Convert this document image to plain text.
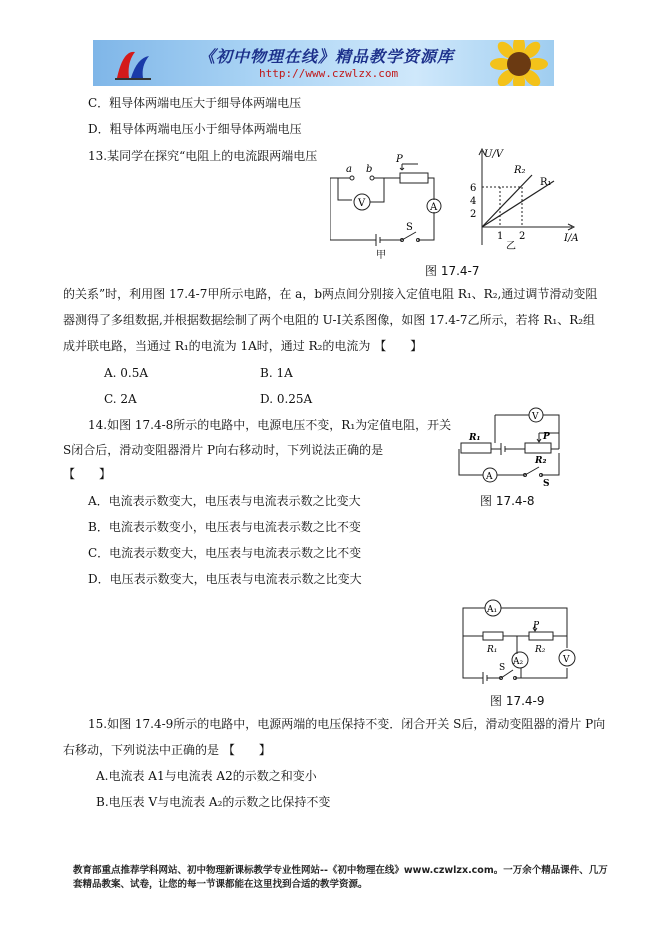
《初中物理在线》精品教学资源库
http://www.czwlzx.com
C．粗导体两端电压大于细导体两端电压
D．粗导体两端电压小于细导体两端电压
13.某同学在探究“电阻上的电流跟两端电压
a b
P
V	A
S
甲
U/V
I/A
R₂
R₁
6
4
2
1 2
乙
图 17.4-7
的关系”时，利用图 17.4-7甲所示电路，在 a，b两点间分别接入定值电阻 R₁、R₂,通过调节滑动变阻
器测得了多组数据,并根据数据绘制了两个电阻的 U-I关系图像，如图 17.4-7乙所示，若将 R₁、R₂组
成并联电路，当通过 R₁的电流为 1A时，通过 R₂的电流为 【　　】
A. 0.5A	B. 1A
C. 2A	D. 0.25A
14.如图 17.4-8所示的电路中，电源电压不变，R₁为定值电阻，开关
S闭合后，滑动变阻器滑片 P向右移动时，下列说法正确的是
【　　】
V
R₁	P
R₂
A
S
图 17.4-8
A．电流表示数变大，电压表与电流表示数之比变大
B．电流表示数变小，电压表与电流表示数之比不变
C．电流表示数变大，电压表与电流表示数之比不变
D．电压表示数变大，电压表与电流表示数之比变大
A₁
P
R₁	R₂
A₂	V
S
图 17.4-9
15.如图 17.4-9所示的电路中，电源两端的电压保持不变．闭合开关 S后，滑动变阻器的滑片 P向
右移动，下列说法中正确的是 【　　】
A.电流表 A1与电流表 A2的示数之和变小
B.电压表 V与电流表 A₂的示数之比保持不变
教育部重点推荐学科网站、初中物理新课标教学专业性网站--《初中物理在线》www.czwlzx.com。一万余个精品课件、几万套精品教案、试卷，让您的每一节课都能在这里找到合适的教学资源。
